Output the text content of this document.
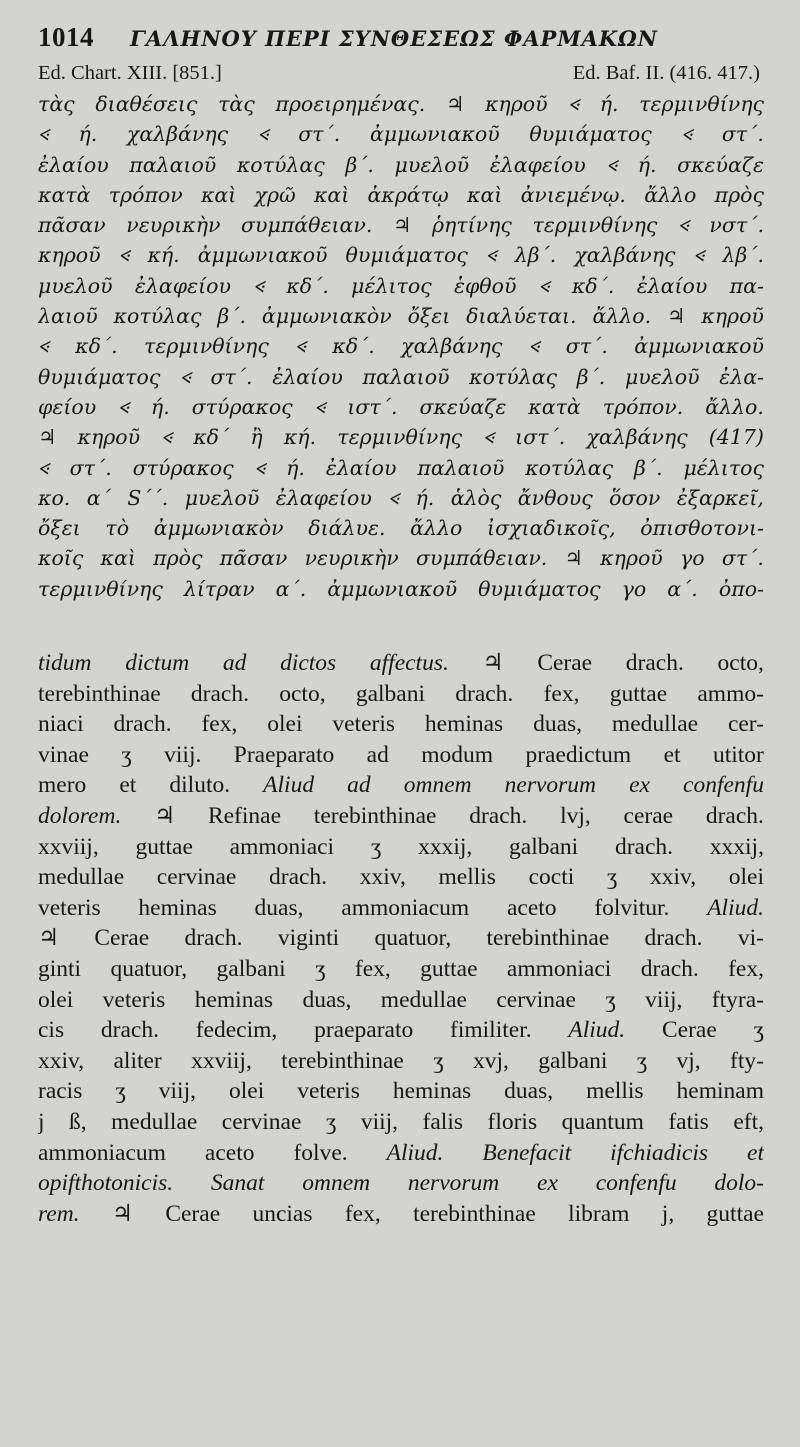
1014	ΓΑΛΗΝΟΥ ΠΕΡΙ ΣΥΝΘΕΣΕΩΣ ΦΑΡΜΑΚΩΝ
Ed. Chart. XIII. [851.]	Ed. Baf. II. (416. 417.)
τὰς διαθέσεις τὰς προειρημένας. ♃ κηροῦ 𐅻 ή. τερμινθίνης
𐅻 ή. χαλβάνης 𐅻 στ΄. ἀμμωνιακοῦ θυμιάματος 𐅻 στ΄.
ἐλαίου παλαιοῦ κοτύλας β΄. μυελοῦ ἐλαφείου 𐅻 ή. σκεύαζε
κατὰ τρόπον καὶ χρῶ καὶ ἀκράτῳ καὶ ἀνιεμένῳ. ἄλλο πρὸς
πᾶσαν νευρικὴν συμπάθειαν. ♃ ῥητίνης τερμινθίνης 𐅻 νστ΄.
κηροῦ 𐅻 κή. ἀμμωνιακοῦ θυμιάματος 𐅻 λβ΄. χαλβάνης 𐅻 λβ΄.
μυελοῦ ἐλαφείου 𐅻 κδ΄. μέλιτος ἑφθοῦ 𐅻 κδ΄. ἐλαίου πα-
λαιοῦ κοτύλας β΄. ἀμμωνιακὸν ὄξει διαλύεται. ἄλλο. ♃ κηροῦ
𐅻 κδ΄. τερμινθίνης 𐅻 κδ΄. χαλβάνης 𐅻 στ΄. ἀμμωνιακοῦ
θυμιάματος 𐅻 στ΄. ἐλαίου παλαιοῦ κοτύλας β΄. μυελοῦ ἐλα-
φείου 𐅻 ή. στύρακος 𐅻 ιστ΄. σκεύαζε κατὰ τρόπον. ἄλλο.
♃ κηροῦ 𐅻 κδ΄ ἢ κή. τερμινθίνης 𐅻 ιστ΄. χαλβάνης (417)
𐅻 στ΄. στύρακος 𐅻 ή. ἐλαίου παλαιοῦ κοτύλας β΄. μέλιτος
κο. α΄ S΄΄. μυελοῦ ἐλαφείου 𐅻 ή. ἁλὸς ἄνθους ὅσον ἐξαρκεῖ,
ὄξει τὸ ἀμμωνιακὸν διάλυε. ἄλλο ἰσχιαδικοῖς, ὀπισθοτονι-
κοῖς καὶ πρὸς πᾶσαν νευρικὴν συμπάθειαν. ♃ κηροῦ γο στ΄.
τερμινθίνης λίτραν α΄. ἀμμωνιακοῦ θυμιάματος γο α΄. ὀπο-
tidum dictum ad dictos affectus. ♃ Cerae drach. octo,
terebinthinae drach. octo, galbani drach. fex, guttae ammo-
niaci drach. fex, olei veteris heminas duas, medullae cer-
vinae ʒ viij. Praeparato ad modum praedictum et utitor
mero et diluto. Aliud ad omnem nervorum ex confenfu
dolorem. ♃ Refinae terebinthinae drach. lvj, cerae drach.
xxviij, guttae ammoniaci ʒ xxxij, galbani drach. xxxij,
medullae cervinae drach. xxiv, mellis cocti ʒ xxiv, olei
veteris heminas duas, ammoniacum aceto folvitur. Aliud.
♃ Cerae drach. viginti quatuor, terebinthinae drach. vi-
ginti quatuor, galbani ʒ fex, guttae ammoniaci drach. fex,
olei veteris heminas duas, medullae cervinae ʒ viij, ftyra-
cis drach. fedecim, praeparato fimiliter. Aliud. Cerae ʒ
xxiv, aliter xxviij, terebinthinae ʒ xvj, galbani ʒ vj, fty-
racis ʒ viij, olei veteris heminas duas, mellis heminam
j ß, medullae cervinae ʒ viij, falis floris quantum fatis eft,
ammoniacum aceto folve. Aliud. Benefacit ifchiadicis et
opifthotonicis. Sanat omnem nervorum ex confenfu dolo-
rem. ♃ Cerae uncias fex, terebinthinae libram j, guttae
